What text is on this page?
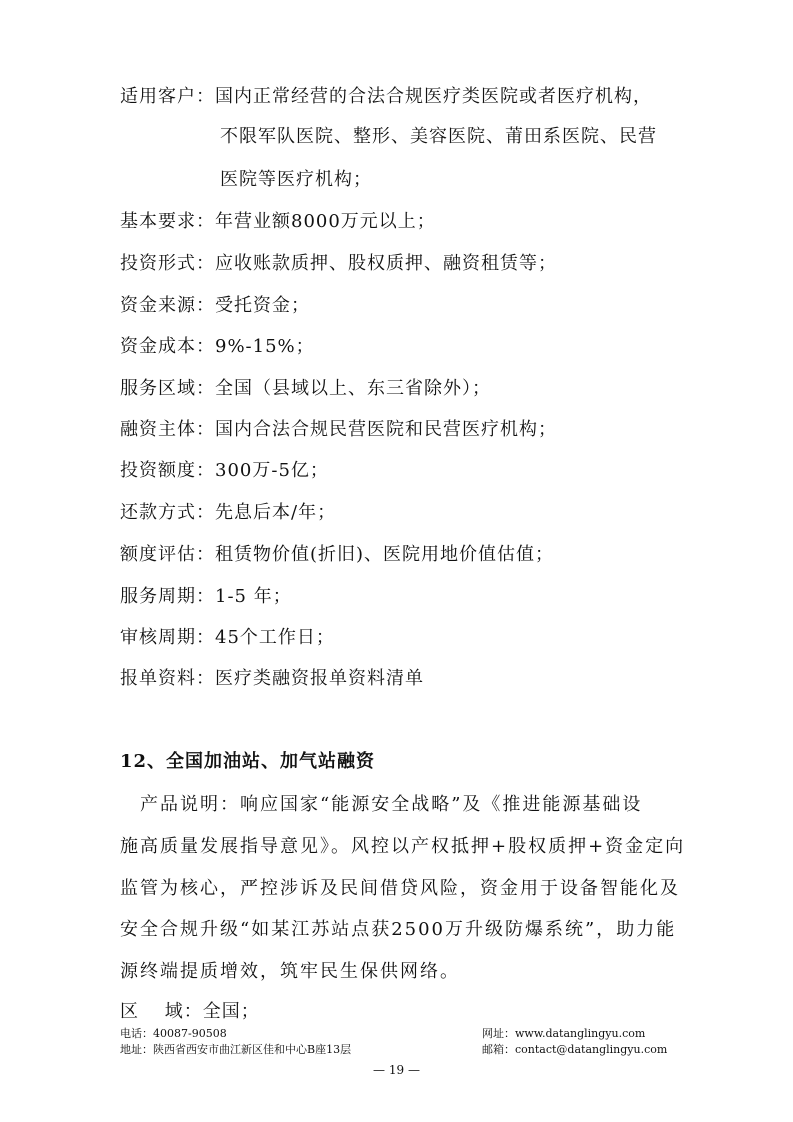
适用客户：国内正常经营的合法合规医疗类医院或者医疗机构，
不限军队医院、整形、美容医院、莆田系医院、民营
医院等医疗机构；
基本要求：年营业额8000万元以上；
投资形式：应收账款质押、股权质押、融资租赁等；
资金来源：受托资金；
资金成本：9%-15%；
服务区域：全国（县域以上、东三省除外）；
融资主体：国内合法合规民营医院和民营医疗机构；
投资额度：300万-5亿；
还款方式：先息后本/年；
额度评估：租赁物价值(折旧)、医院用地价值估值；
服务周期：1-5 年；
审核周期：45个工作日；
报单资料：医疗类融资报单资料清单
12、全国加油站、加气站融资
　产品说明：响应国家“能源安全战略”及《推进能源基础设
施高质量发展指导意见》。风控以产权抵押+股权质押+资金定向
监管为核心，严控涉诉及民间借贷风险，资金用于设备智能化及
安全合规升级“如某江苏站点获2500万升级防爆系统”，助力能
源终端提质增效，筑牢民生保供网络。
区　 域：全国；
电话：40087-90508
地址：陕西省西安市曲江新区佳和中心B座13层
网址：www.datanglingyu.com
邮箱：contact@datanglingyu.com
— 19 —
